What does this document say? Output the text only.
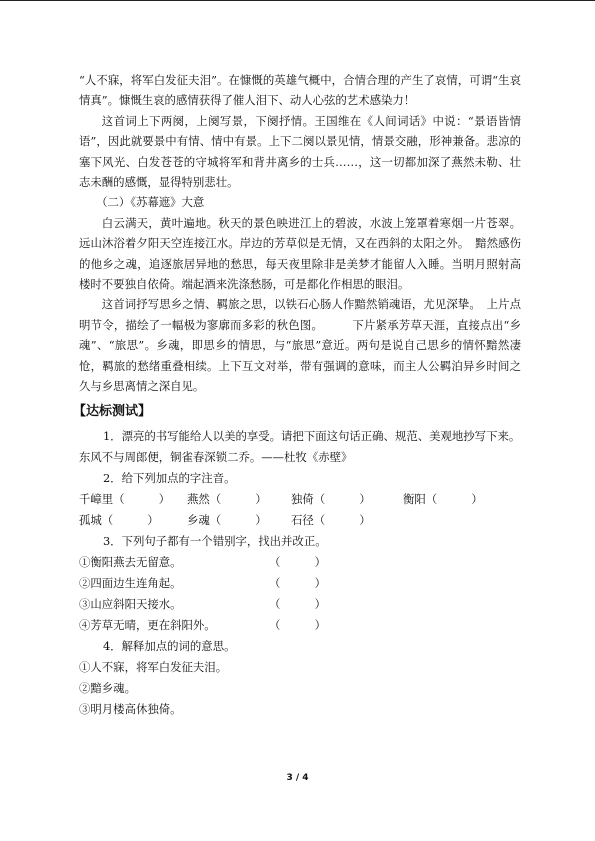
“人不寐，将军白发征夫泪”。在慷慨的英雄气概中，合情合理的产生了哀情，可谓“生哀情真”。慷慨生哀的感情获得了催人泪下、动人心弦的艺术感染力！

这首词上下两阕，上阕写景，下阕抒情。王国维在《人间词话》中说：“景语皆情语”，因此就要景中有情、情中有景。上下二阕以景见情，情景交融，形神兼备。悲凉的塞下风光、白发苍苍的守城将军和背井离乡的士兵……，这一切都加深了燕然未勒、壮志未酬的感慨，显得特别悲壮。

（二）《苏幕遮》大意

白云满天，黄叶遍地。秋天的景色映进江上的碧波，水波上笼罩着寒烟一片苍翠。远山沐浴着夕阳天空连接江水。岸边的芳草似是无情，又在西斜的太阳之外。　黯然感伤的他乡之魂，追逐旅居异地的愁思，每天夜里除非是美梦才能留人入睡。当明月照射高楼时不要独自依倚。端起酒来洗涤愁肠，可是都化作相思的眼泪。

这首词抒写思乡之情、羁旅之思，以铁石心肠人作黯然销魂语，尤见深挚。　上片点明节令，描绘了一幅极为寥廓而多彩的秋色图。　　　下片紧承芳草天涯，直接点出“乡魂”、“旅思”。乡魂，即思乡的情思，与“旅思”意近。两句是说自己思乡的情怀黯然凄怆，羁旅的愁绪重叠相续。上下互文对举，带有强调的意味，而主人公羁泊异乡时间之久与乡思离情之深自见。

【达标测试】

1．漂亮的书写能给人以美的享受。请把下面这句话正确、规范、美观地抄写下来。

东风不与周郎便，铜雀春深锁二乔。——杜牧《赤壁》

2．给下列加点的字注音。

千嶂里（　　　）	燕然（　　　）	独倚（　　　）	衡阳（　　　）
孤城（　　　）	乡魂（　　　）	石径（　　　）

3．下列句子都有一个错别字，找出并改正。

①衡阳燕去无留意。	（　　　）
②四面边生连角起。	（　　　）
③山应斜阳天接水。	（　　　）
④芳草无晴，更在斜阳外。	（　　　）

4．解释加点的词的意思。

①人不寐，将军白发征夫泪。

②黯乡魂。

③明月楼高休独倚。

3 / 4
